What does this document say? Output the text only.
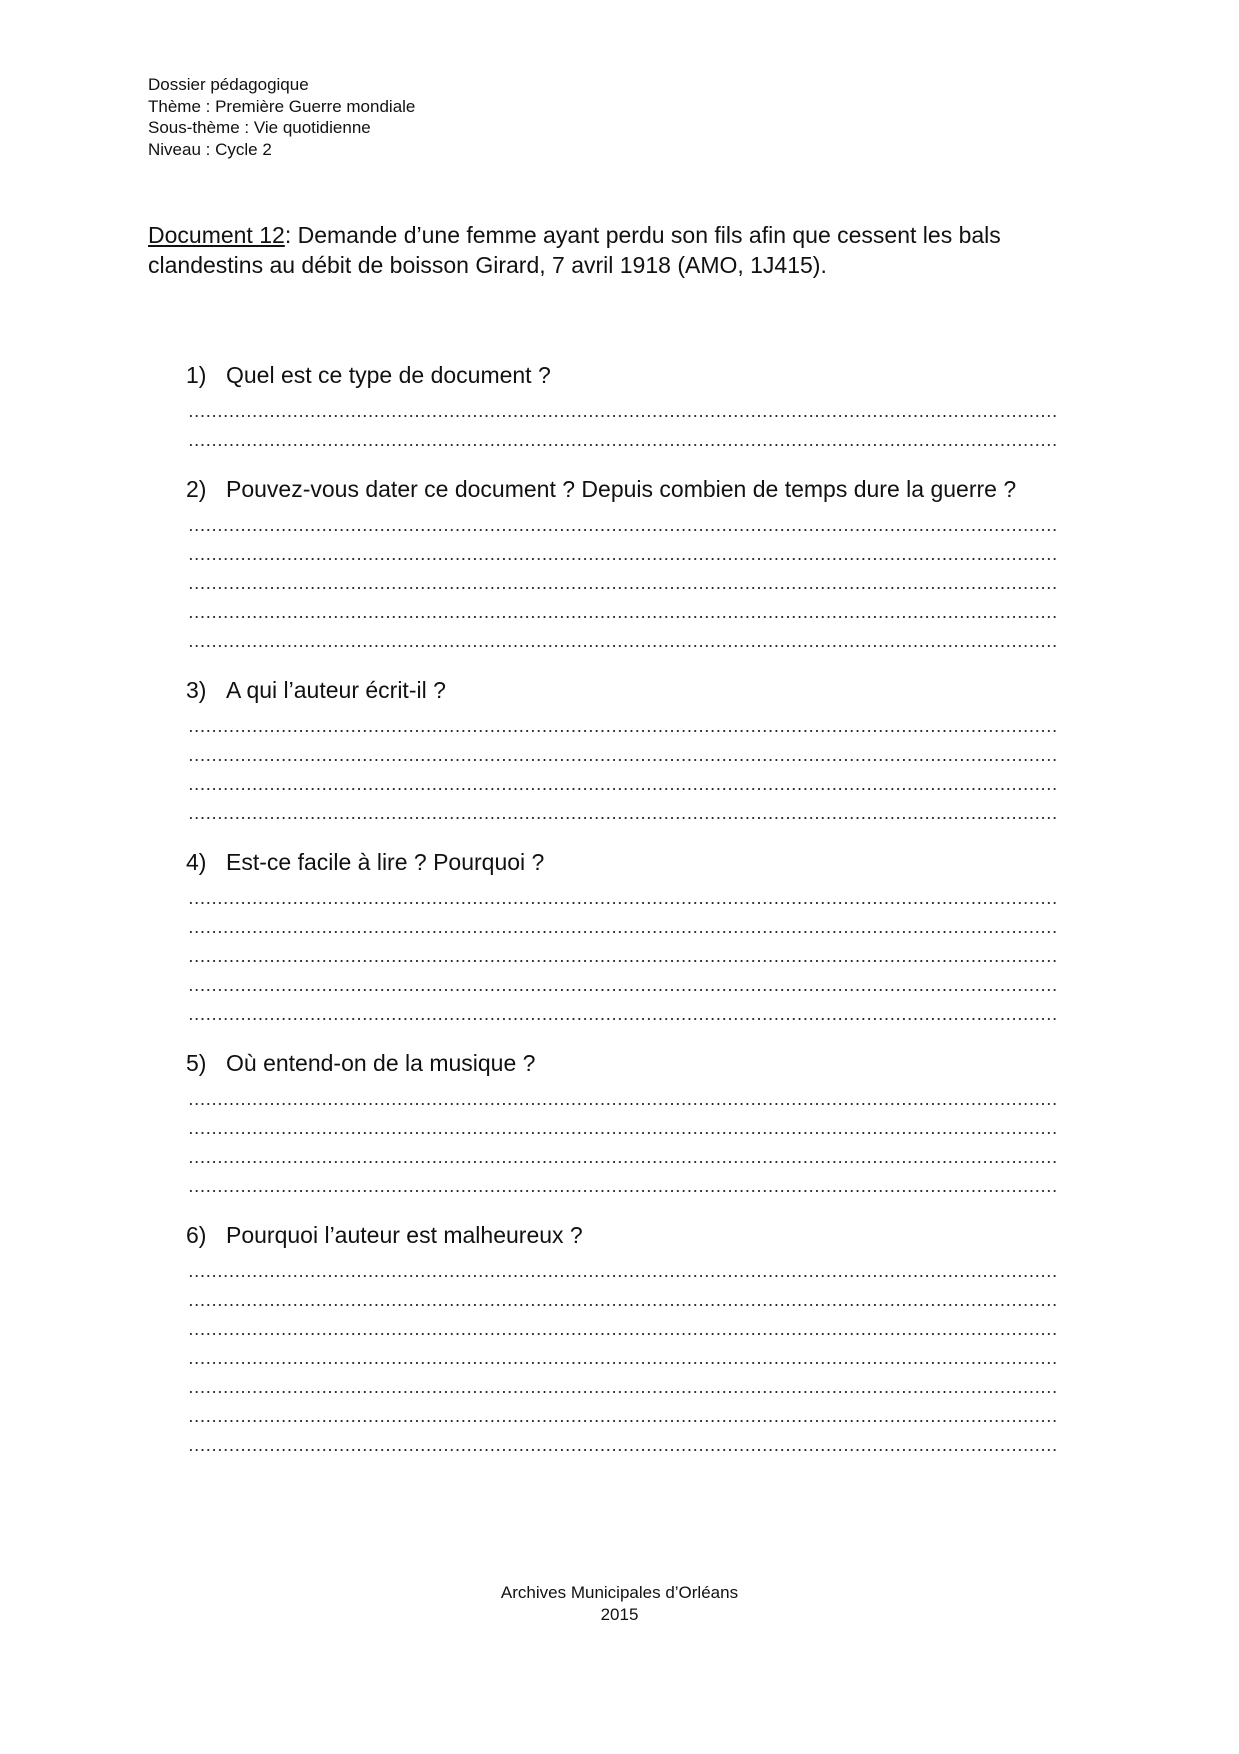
Dossier pédagogique
Thème : Première Guerre mondiale
Sous-thème : Vie quotidienne
Niveau : Cycle 2
Document 12: Demande d’une femme ayant perdu son fils afin que cessent les bals
clandestins au débit de boisson Girard, 7 avril 1918 (AMO, 1J415).
1) Quel est ce type de document ?
2) Pouvez-vous dater ce document ? Depuis combien de temps dure la guerre ?
3) A qui l’auteur écrit-il ?
4) Est-ce facile à lire ? Pourquoi ?
5) Où entend-on de la musique ?
6) Pourquoi l’auteur est malheureux ?
Archives Municipales d’Orléans
2015
